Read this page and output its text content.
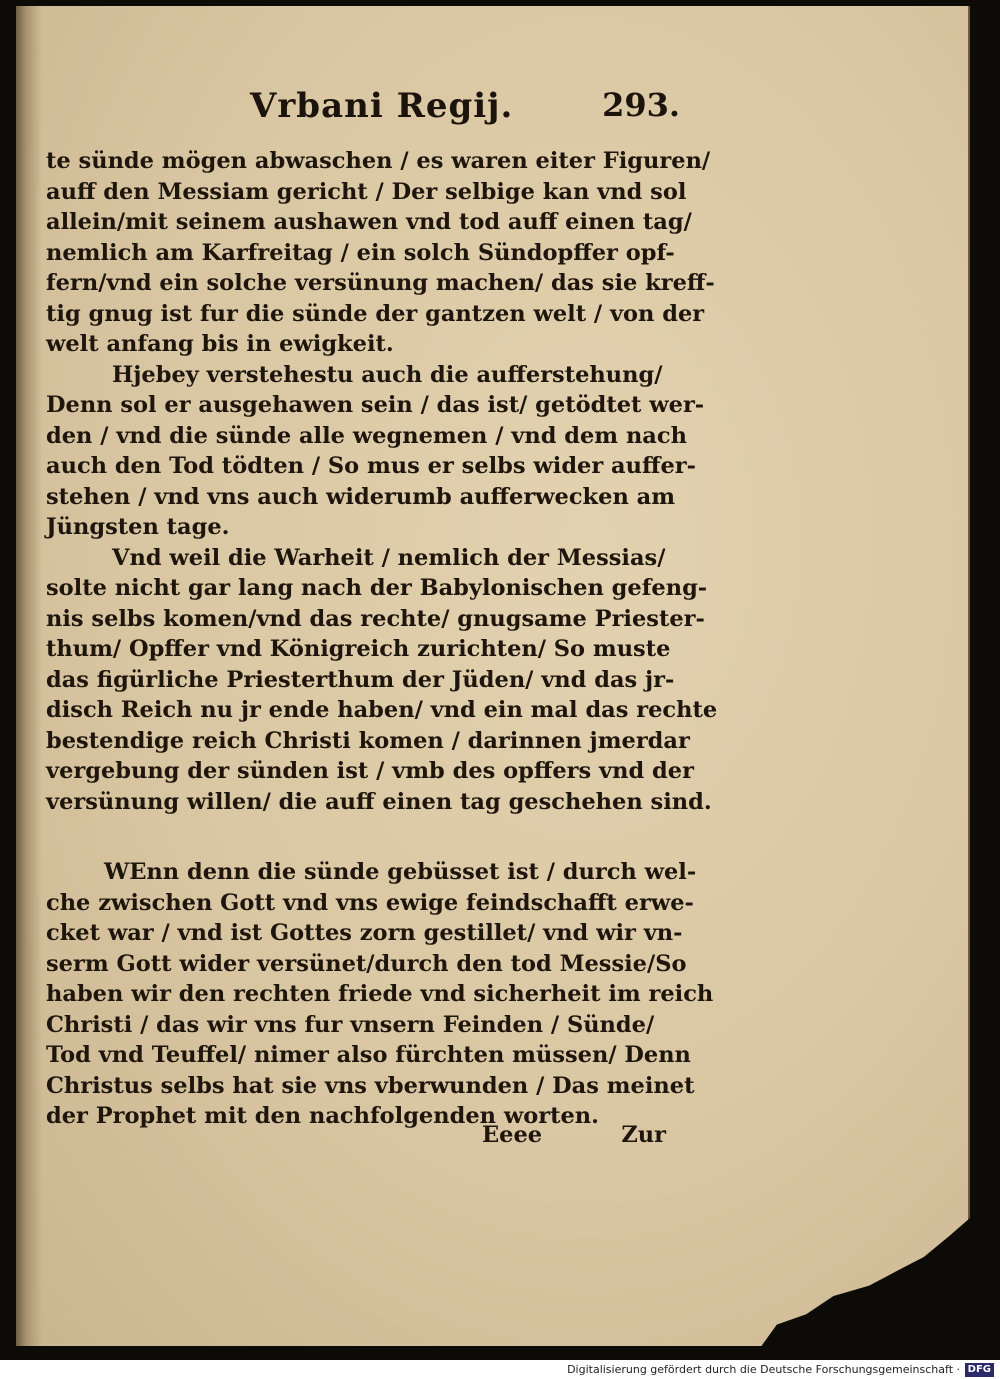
Vrbani Regij.	293.
te sünde mögen abwaschen / es waren eiter Figuren/
auff den Messiam gericht / Der selbige kan vnd sol
allein/mit seinem aushawen vnd tod auff einen tag/
nemlich am Karfreitag / ein solch Sündopffer opf-
fern/vnd ein solche versünung machen/ das sie kreff-
tig gnug ist fur die sünde der gantzen welt / von der
welt anfang bis in ewigkeit.
Hjebey verstehestu auch die aufferstehung/
Denn sol er ausgehawen sein / das ist/ getödtet wer-
den / vnd die sünde alle wegnemen / vnd dem nach
auch den Tod tödten / So mus er selbs wider auffer-
stehen / vnd vns auch widerumb aufferwecken am
Jüngsten tage.
Vnd weil die Warheit / nemlich der Messias/
solte nicht gar lang nach der Babylonischen gefeng-
nis selbs komen/vnd das rechte/ gnugsame Priester-
thum/ Opffer vnd Königreich zurichten/ So muste
das figürliche Priesterthum der Jüden/ vnd das jr-
disch Reich nu jr ende haben/ vnd ein mal das rechte
bestendige reich Christi komen / darinnen jmerdar
vergebung der sünden ist / vmb des opffers vnd der
versünung willen/ die auff einen tag geschehen sind.
WEnn denn die sünde gebüsset ist / durch wel-
che zwischen Gott vnd vns ewige feindschafft erwe-
cket war / vnd ist Gottes zorn gestillet/ vnd wir vn-
serm Gott wider versünet/durch den tod Messie/So
haben wir den rechten friede vnd sicherheit im reich
Christi / das wir vns fur vnsern Feinden / Sünde/
Tod vnd Teuffel/ nimer also fürchten müssen/ Denn
Christus selbs hat sie vns vberwunden / Das meinet
der Prophet mit den nachfolgenden worten.
Eeee	Zur
Digitalisierung gefördert durch die Deutsche Forschungsgemeinschaft · DFG
